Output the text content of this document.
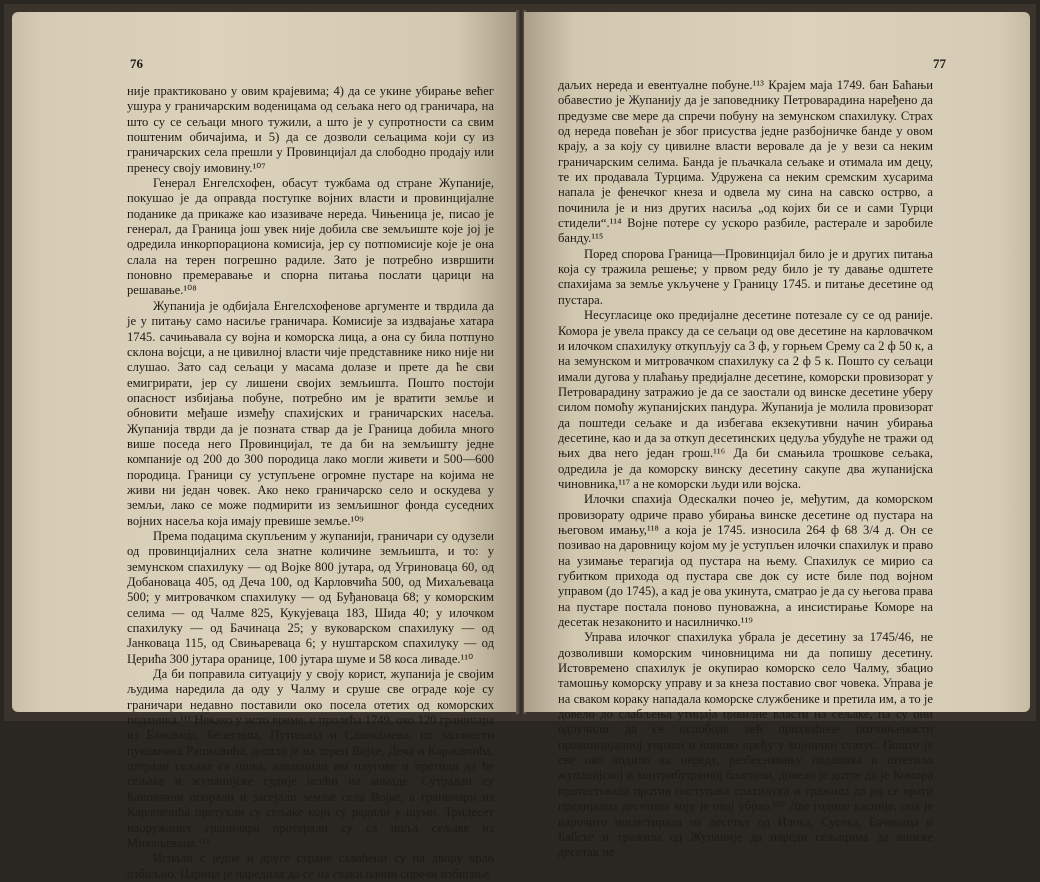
76

није практиковано у овим крајевима; 4) да се укине убирање већег ушура у граничарским воденицама од сељака него од граничара, на што су се сељаци много тужили, а што је у супротности са свим поштеним обичајима, и 5) да се дозволи сељацима који су из граничарских села прешли у Провинцијал да слободно продају или пренесу своју имовину.¹⁰⁷

Генерал Енгелсхофен, обасут тужбама од стране Жупаније, покушао је да оправда поступке војних власти и провинцијалне поданике да прикаже као изазиваче нереда. Чињеница је, писао је генерал, да Граница још увек није добила све земљиште које јој је одредила инкорпорациона комисија, јер су потпомисије које је она слала на терен погрешно радиле. Зато је потребно извршити поновно премеравање и спорна питања послати царици на решавање.¹⁰⁸

Жупанија је одбијала Енгелсхофенове аргументе и тврдила да је у питању само насиље граничара. Комисије за издвајање хатара 1745. сачињавала су војна и коморска лица, а она су била потпуно склона војсци, а не цивилној власти чије представнике нико није ни слушао. Зато сад сељаци у масама долазе и прете да ће сви емигрирати, јер су лишени својих земљишта. Пошто постоји опасност избијања побуне, потребно им је вратити земље и обновити међаше између спахијских и граничарских насеља. Жупанија тврди да је позната ствар да је Граница добила много више поседа него Провинцијал, те да би на земљишту једне компаније од 200 до 300 породица лако могли живети и 500—600 породица. Граници су уступљене огромне пустаре на којима не живи ни један човек. Ако неко граничарско село и оскудева у земљи, лако се може подмирити из земљишног фонда суседних војних насеља која имају превише земље.¹⁰⁹

Према подацима скупљеним у жупанији, граничари су одузели од провинцијалних села знатне количине земљишта, и то: у земунском спахилуку — од Војке 800 јутара, од Угриноваца 60, од Добановаца 405, од Деча 100, од Карловчића 500, од Михаљеваца 500; у митровачком спахилуку — од Буђановаца 68; у коморским селима — од Чалме 825, Кукујеваца 183, Шида 40; у илочком спахилуку — од Бачинаца 25; у вуковарском спахилуку — од Јанковаца 115, од Свињареваца 6; у нуштарском спахилуку — од Церића 300 јутара оранице, 100 јутара шуме и 58 коса ливаде.¹¹⁰

Да би поправила ситуацију у своју корист, жупанија је својим људима наредила да оду у Чалму и сруше све ограде које су граничари недавно поставили око посела отетих од коморских поданика.¹¹¹ Некако у исто време, с пролећа 1749, око 120 граничара из Бановаца, Белегиша, Путинаца и Сланкамена, по заповести пуковника Рашковића, дошло је на терен Војке, Деча и Карловчића, отерали сељаке са поља, запленили им плугове и претили да ће сељаке и жупанијске судије исећи на комаде. Сутрадан су Бановчани поорали и засејали земље села Војке, а граничари из Карловчића претукли су сељаке који су радили у шуми. Тридесет наоружаних граничара протерали су са поља сељаке из Михаљеваца.¹¹²

Испали с једне и друге стране схваћени су на двору врло озбиљно. Царица је наредила да се на сваки начин спречи избијање

77

даљих нереда и евентуалне побуне.¹¹³ Крајем маја 1749. бан Баћањи обавестио је Жупанију да је заповеднику Петроварадина наређено да предузме све мере да спречи побуну на земунском спахилуку. Страх од нереда повећан је због присуства једне разбојничке банде у овом крају, а за коју су цивилне власти веровале да је у вези са неким граничарским селима. Банда је пљачкала сељаке и отимала им децу, те их продавала Турцима. Удружена са неким сремским хусарима напала је фенечког кнеза и одвела му сина на савско острво, а починила је и низ других насиља „од којих би се и сами Турци стидели“.¹¹⁴ Војне потере су ускоро разбиле, растерале и заробиле банду.¹¹⁵

Поред спорова Граница—Провинцијал било је и других питања која су тражила решење; у првом реду било је ту давање одштете спахијама за земље укључене у Границу 1745. и питање десетине од пустара.

Несугласице око предијалне десетине потезале су се од раније. Комора је увела праксу да се сељаци од ове десетине на карловачком и илочком спахилуку откупљују са 3 ф, у горњем Срему са 2 ф 50 к, а на земунском и митровачком спахилуку са 2 ф 5 к. Пошто су сељаци имали дугова у плаћању предијалне десетине, коморски провизорат у Петроварадину затражио је да се заостали од винске десетине уберу силом помоћу жупанијских пандура. Жупанија је молила провизорат да поштеди сељаке и да избегава екзекутивни начин убирања десетине, као и да за откуп десетинских цедуља убудуће не тражи од њих два него један грош.¹¹⁶ Да би смањила трошкове сељака, одредила је да коморску винску десетину сакупе два жупанијска чиновника,¹¹⁷ а не коморски људи или војска.

Илочки спахија Одескалки почео је, међутим, да коморском провизорату одриче право убирања винске десетине од пустара на његовом имању,¹¹⁸ а која је 1745. износила 264 ф 68 3/4 д. Он се позивао на даровницу којом му је уступљен илочки спахилук и право на узимање терагија од пустара на њему. Спахилук се мирио са губитком прихода од пустара све док су исте биле под војном управом (до 1745), а кад је ова укинута, сматрао је да су његова права на пустаре постала поново пуноважна, а инсистирање Коморе на десетак незаконито и насилничко.¹¹⁹

Управа илочког спахилука убрала је десетину за 1745/46, не дозволивши коморским чиновницима ни да попишу десетину. Истовремено спахилук је окупирао коморско село Чалму, збацио тамошњу коморску управу и за кнеза поставио свог човека. Управа је на сваком кораку нападала коморске службенике и претила им, а то је довело до слабљења утицаја цивилне власти на сељаке, па су они одлучили да се ослободе већ прихваћене потчињености провинцијалној управи и поново пређу у војнички статус. Пошто је све ово водило ка нереду, разбеснавању поданика и штетило жупанијској и контрибуционој благајни, довело је дотле да је Комора протестовала против поступака спахилука и тражила да јој се врати предијална десетина коју је овај убрао.¹²⁰ Две године касније, она је нарочито инсистирала на десетку од Илока, Сусека, Бачинаца и Бабске и тражила од Жупаније да нареди сељацима да винске десетак не
